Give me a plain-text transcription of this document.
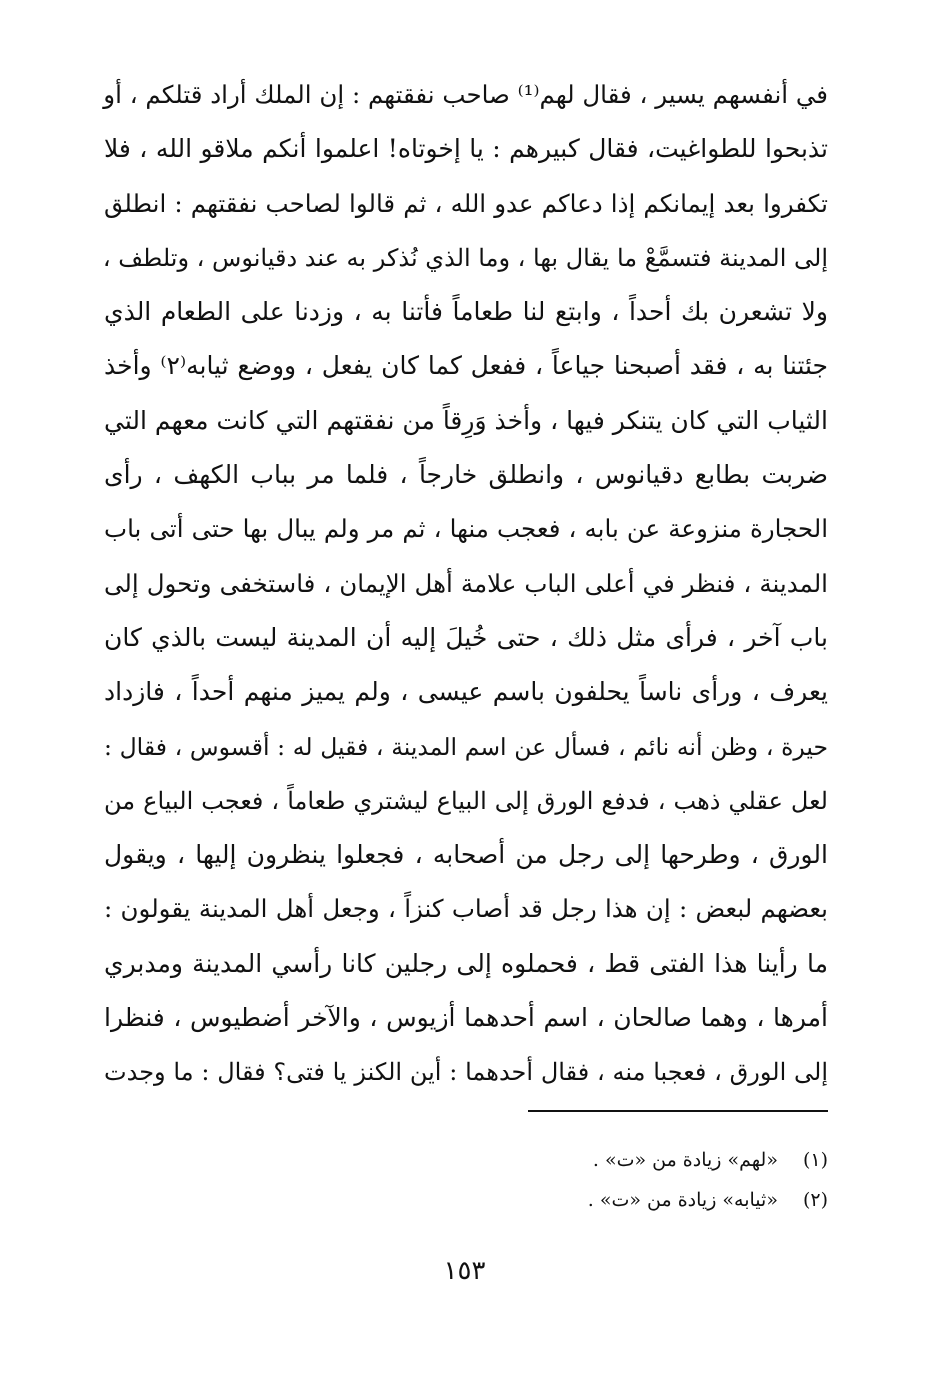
في أنفسهم يسير ، فقال لهم⁽¹⁾ صاحب نفقتهم : إن الملك أراد قتلكم ، أو
تذبحوا للطواغيت، فقال كبيرهم : يا إخوتاه! اعلموا أنكم ملاقو الله ، فلا
تكفروا بعد إيمانكم إذا دعاكم عدو الله ، ثم قالوا لصاحب نفقتهم : انطلق
إلى المدينة فتسمَّعْ ما يقال بها ، وما الذي نُذكر به عند دقيانوس ، وتلطف ،
ولا تشعرن بك أحداً ، وابتع لنا طعاماً فأتنا به ، وزدنا على الطعام الذي
جئتنا به ، فقد أصبحنا جياعاً ، ففعل كما كان يفعل ، ووضع ثيابه⁽٢⁾ وأخذ
الثياب التي كان يتنكر فيها ، وأخذ وَرِقاً من نفقتهم التي كانت معهم التي
ضربت بطابع دقيانوس ، وانطلق خارجاً ، فلما مر بباب الكهف ، رأى
الحجارة منزوعة عن بابه ، فعجب منها ، ثم مر ولم يبال بها حتى أتى باب
المدينة ، فنظر في أعلى الباب علامة أهل الإيمان ، فاستخفى وتحول إلى
باب آخر ، فرأى مثل ذلك ، حتى خُيلَ إليه أن المدينة ليست بالذي كان
يعرف ، ورأى ناساً يحلفون باسم عيسى ، ولم يميز منهم أحداً ، فازداد
حيرة ، وظن أنه نائم ، فسأل عن اسم المدينة ، فقيل له : أقسوس ، فقال :
لعل عقلي ذهب ، فدفع الورق إلى البياع ليشتري طعاماً ، فعجب البياع من
الورق ، وطرحها إلى رجل من أصحابه ، فجعلوا ينظرون إليها ، ويقول
بعضهم لبعض : إن هذا رجل قد أصاب كنزاً ، وجعل أهل المدينة يقولون :
ما رأينا هذا الفتى قط ، فحملوه إلى رجلين كانا رأسي المدينة ومدبري
أمرها ، وهما صالحان ، اسم أحدهما أزيوس ، والآخر أضطيوس ، فنظرا
إلى الورق ، فعجبا منه ، فقال أحدهما : أين الكنز يا فتى؟ فقال : ما وجدت
(١) «لهم» زيادة من «ت» .
(٢) «ثيابه» زيادة من «ت» .
١٥٣
